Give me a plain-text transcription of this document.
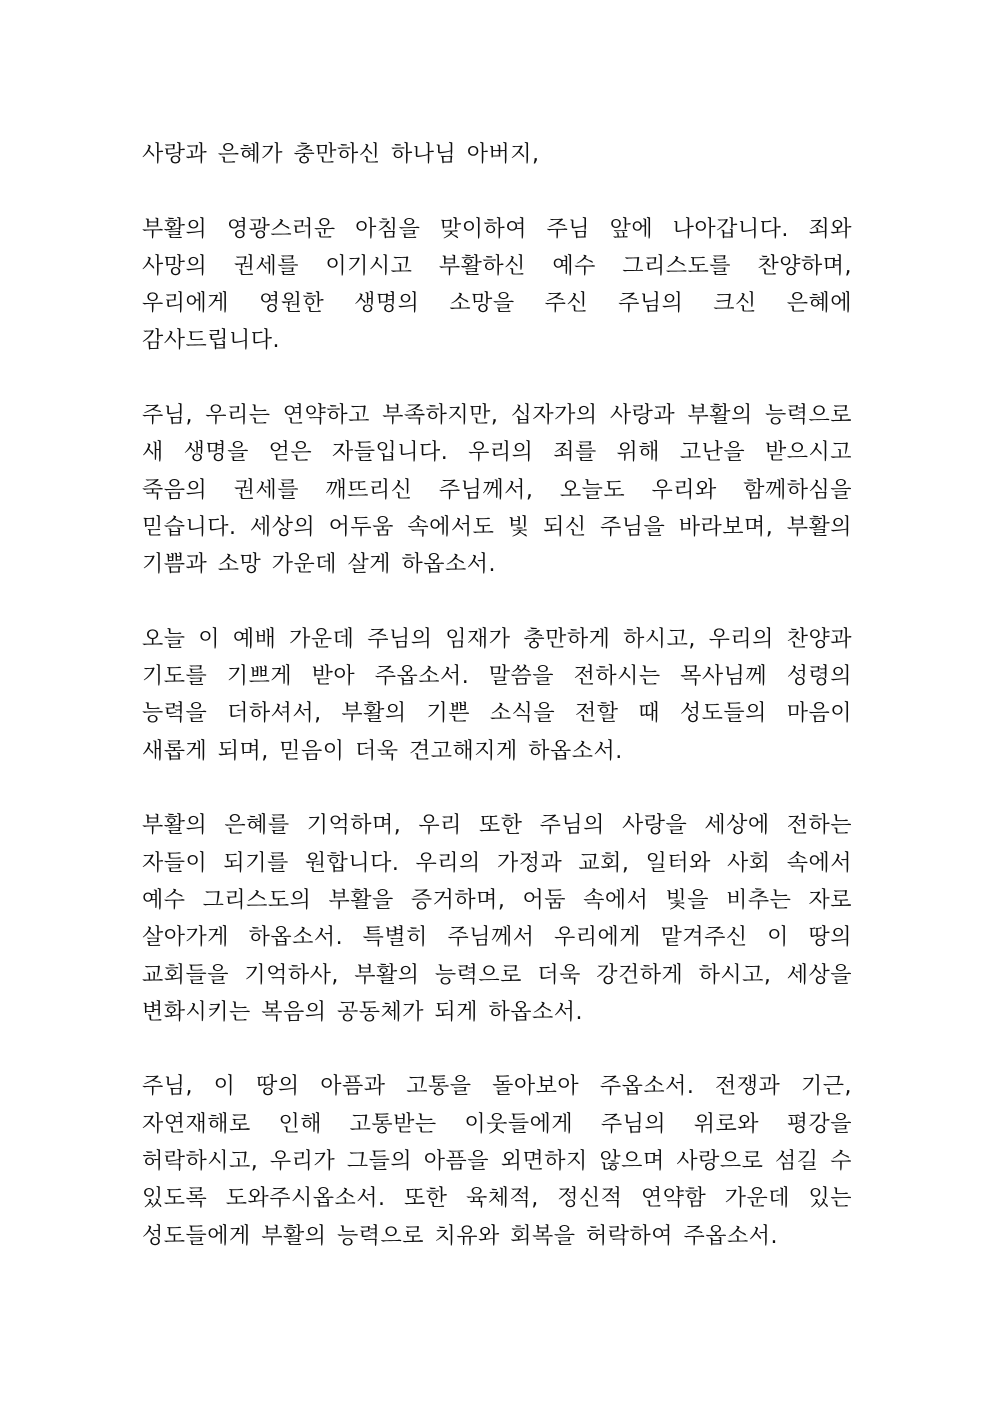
사랑과 은혜가 충만하신 하나님 아버지,

부활의 영광스러운 아침을 맞이하여 주님 앞에 나아갑니다. 죄와 사망의 권세를 이기시고 부활하신 예수 그리스도를 찬양하며, 우리에게 영원한 생명의 소망을 주신 주님의 크신 은혜에 감사드립니다.

주님, 우리는 연약하고 부족하지만, 십자가의 사랑과 부활의 능력으로 새 생명을 얻은 자들입니다. 우리의 죄를 위해 고난을 받으시고 죽음의 권세를 깨뜨리신 주님께서, 오늘도 우리와 함께하심을 믿습니다. 세상의 어두움 속에서도 빛 되신 주님을 바라보며, 부활의 기쁨과 소망 가운데 살게 하옵소서.

오늘 이 예배 가운데 주님의 임재가 충만하게 하시고, 우리의 찬양과 기도를 기쁘게 받아 주옵소서. 말씀을 전하시는 목사님께 성령의 능력을 더하셔서, 부활의 기쁜 소식을 전할 때 성도들의 마음이 새롭게 되며, 믿음이 더욱 견고해지게 하옵소서.

부활의 은혜를 기억하며, 우리 또한 주님의 사랑을 세상에 전하는 자들이 되기를 원합니다. 우리의 가정과 교회, 일터와 사회 속에서 예수 그리스도의 부활을 증거하며, 어둠 속에서 빛을 비추는 자로 살아가게 하옵소서. 특별히 주님께서 우리에게 맡겨주신 이 땅의 교회들을 기억하사, 부활의 능력으로 더욱 강건하게 하시고, 세상을 변화시키는 복음의 공동체가 되게 하옵소서.

주님, 이 땅의 아픔과 고통을 돌아보아 주옵소서. 전쟁과 기근, 자연재해로 인해 고통받는 이웃들에게 주님의 위로와 평강을 허락하시고, 우리가 그들의 아픔을 외면하지 않으며 사랑으로 섬길 수 있도록 도와주시옵소서. 또한 육체적, 정신적 연약함 가운데 있는 성도들에게 부활의 능력으로 치유와 회복을 허락하여 주옵소서.
